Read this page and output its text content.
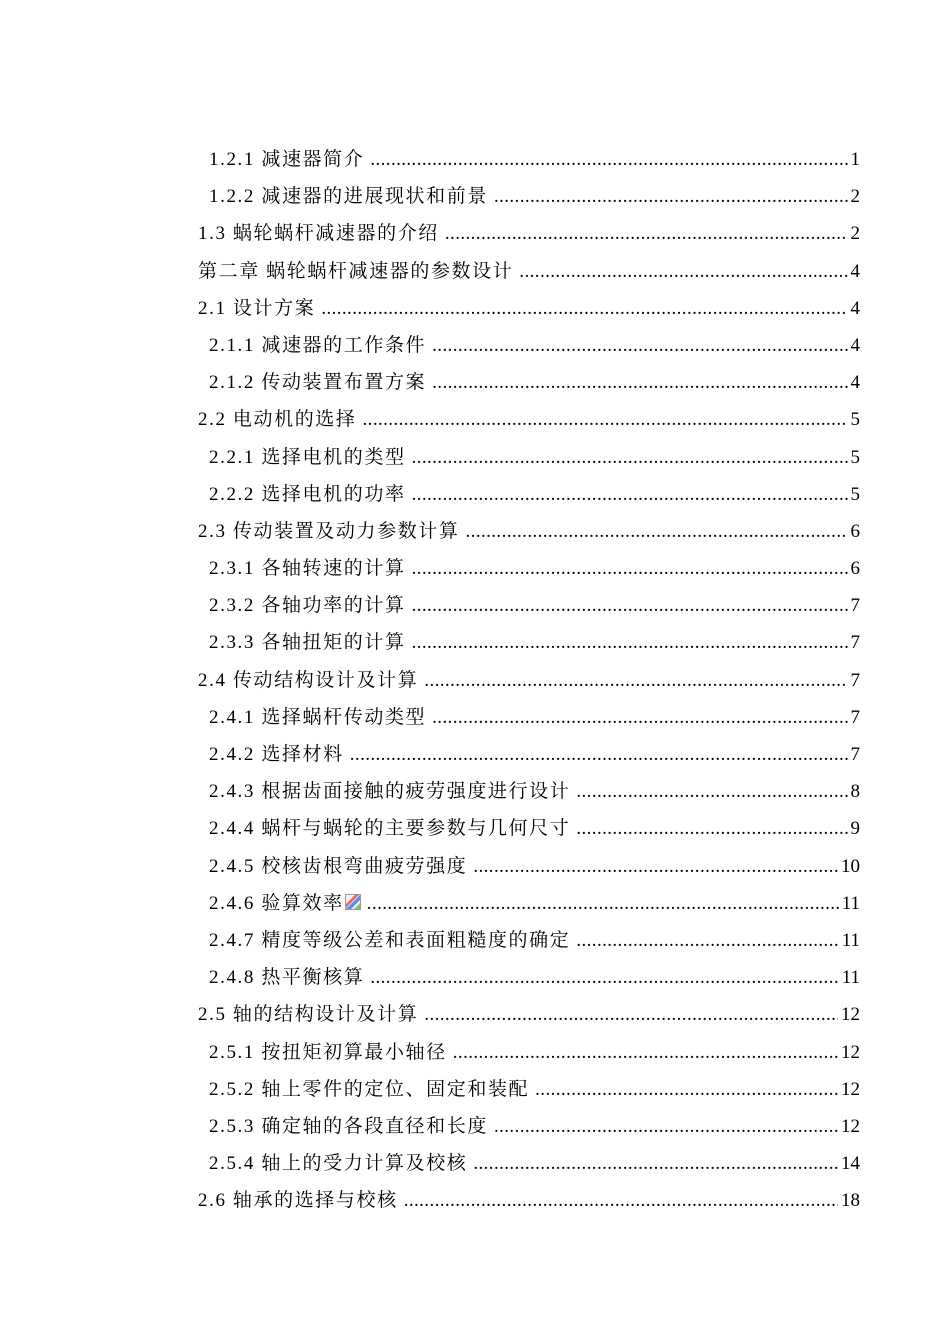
1.2.1 减速器简介 .....	1
1.2.2 减速器的进展现状和前景 .....	2
1.3 蜗轮蜗杆减速器的介绍 .....	2
第二章 蜗轮蜗杆减速器的参数设计 .....	4
2.1 设计方案 .....	4
2.1.1 减速器的工作条件 .....	4
2.1.2 传动装置布置方案 .....	4
2.2 电动机的选择 .....	5
2.2.1 选择电机的类型 .....	5
2.2.2 选择电机的功率 .....	5
2.3 传动装置及动力参数计算 .....	6
2.3.1 各轴转速的计算 .....	6
2.3.2 各轴功率的计算 .....	7
2.3.3 各轴扭矩的计算 .....	7
2.4 传动结构设计及计算 .....	7
2.4.1 选择蜗杆传动类型 .....	7
2.4.2 选择材料 .....	7
2.4.3 根据齿面接触的疲劳强度进行设计 .....	8
2.4.4 蜗杆与蜗轮的主要参数与几何尺寸 .....	9
2.4.5 校核齿根弯曲疲劳强度 .....	10
2.4.6 验算效率 .....	11
2.4.7 精度等级公差和表面粗糙度的确定 .....	11
2.4.8 热平衡核算 .....	11
2.5 轴的结构设计及计算 .....	12
2.5.1 按扭矩初算最小轴径 .....	12
2.5.2 轴上零件的定位、固定和装配 .....	12
2.5.3 确定轴的各段直径和长度 .....	12
2.5.4 轴上的受力计算及校核 .....	14
2.6 轴承的选择与校核 .....	18
